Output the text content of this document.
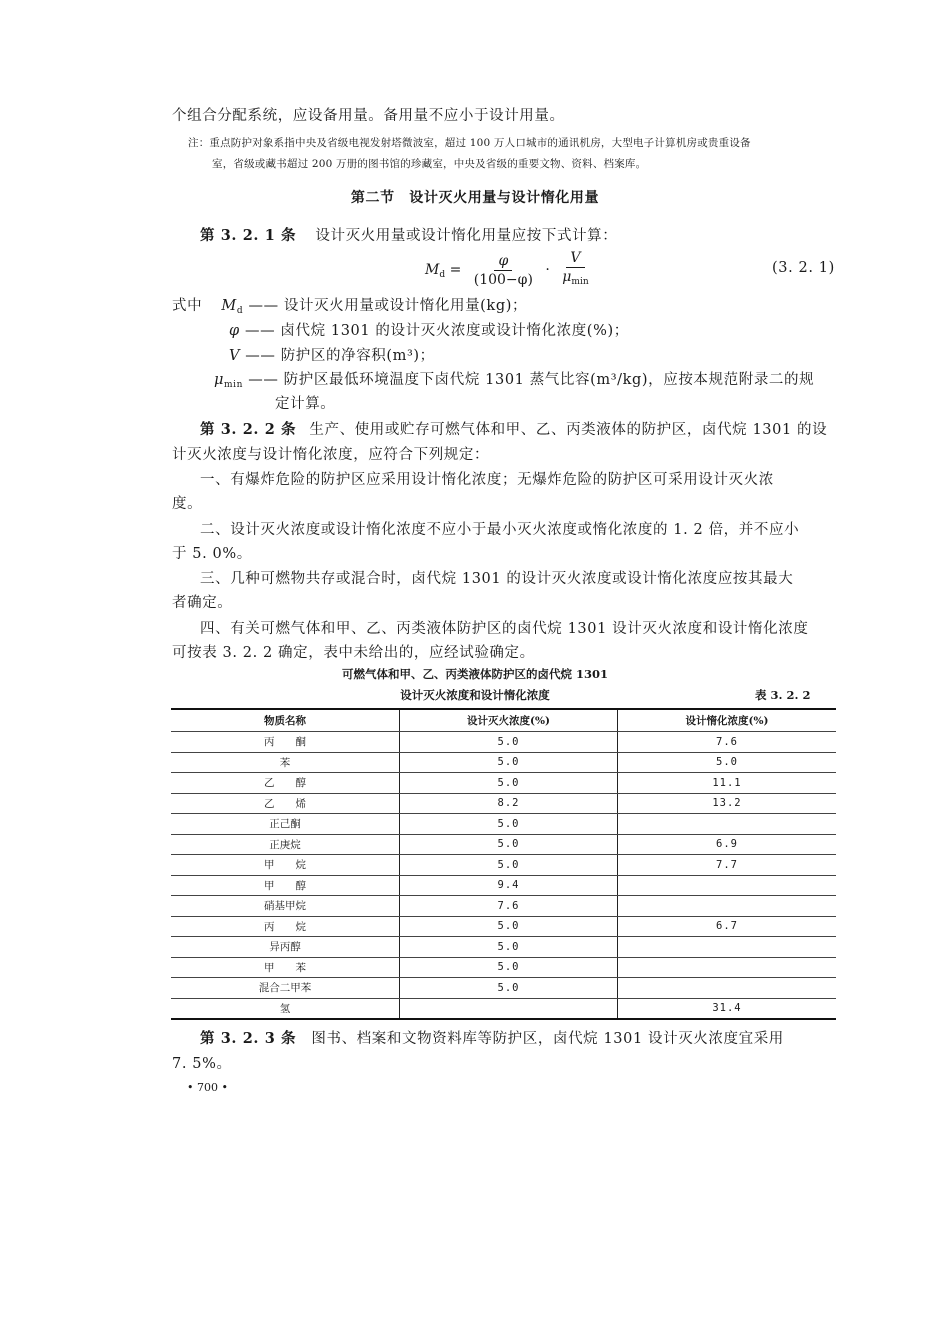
个组合分配系统，应设备用量。备用量不应小于设计用量。
注：重点防护对象系指中央及省级电视发射塔微波室，超过 100 万人口城市的通讯机房，大型电子计算机房或贵重设备
室，省级或藏书超过 200 万册的图书馆的珍藏室，中央及省级的重要文物、资料、档案库。
第二节　设计灭火用量与设计惰化用量
第 3. 2. 1 条 设计灭火用量或设计惰化用量应按下式计算：
$M_d = \frac{\varphi}{(100-\varphi)} \cdot \frac{V}{\mu_{min}}$	(3. 2. 1)
式中 $M_d$ —— 设计灭火用量或设计惰化用量(kg)；
φ —— 卤代烷 1301 的设计灭火浓度或设计惰化浓度(%)；
V —— 防护区的净容积(m³)；
$\mu_{min}$ —— 防护区最低环境温度下卤代烷 1301 蒸气比容(m³/kg)，应按本规范附录二的规
定计算。
第 3. 2. 2 条 生产、使用或贮存可燃气体和甲、乙、丙类液体的防护区，卤代烷 1301 的设
计灭火浓度与设计惰化浓度，应符合下列规定：
一、有爆炸危险的防护区应采用设计惰化浓度；无爆炸危险的防护区可采用设计灭火浓
度。
二、设计灭火浓度或设计惰化浓度不应小于最小灭火浓度或惰化浓度的 1. 2 倍，并不应小
于 5. 0%。
三、几种可燃物共存或混合时，卤代烷 1301 的设计灭火浓度或设计惰化浓度应按其最大
者确定。
四、有关可燃气体和甲、乙、丙类液体防护区的卤代烷 1301 设计灭火浓度和设计惰化浓度
可按表 3. 2. 2 确定，表中未给出的，应经试验确定。
可燃气体和甲、乙、丙类液体防护区的卤代烷 1301
设计灭火浓度和设计惰化浓度	表 3. 2. 2
物质名称	设计灭火浓度(%)	设计惰化浓度(%)
丙　　酮	5.0	7.6
苯	5.0	5.0
乙　　醇	5.0	11.1
乙　　烯	8.2	13.2
正己酮	5.0	
正庚烷	5.0	6.9
甲　　烷	5.0	7.7
甲　　醇	9.4	
硝基甲烷	7.6	
丙　　烷	5.0	6.7
异丙醇	5.0	
甲　　苯	5.0	
混合二甲苯	5.0	
氢		31.4
第 3. 2. 3 条 图书、档案和文物资料库等防护区，卤代烷 1301 设计灭火浓度宜采用
7. 5%。
• 700 •
